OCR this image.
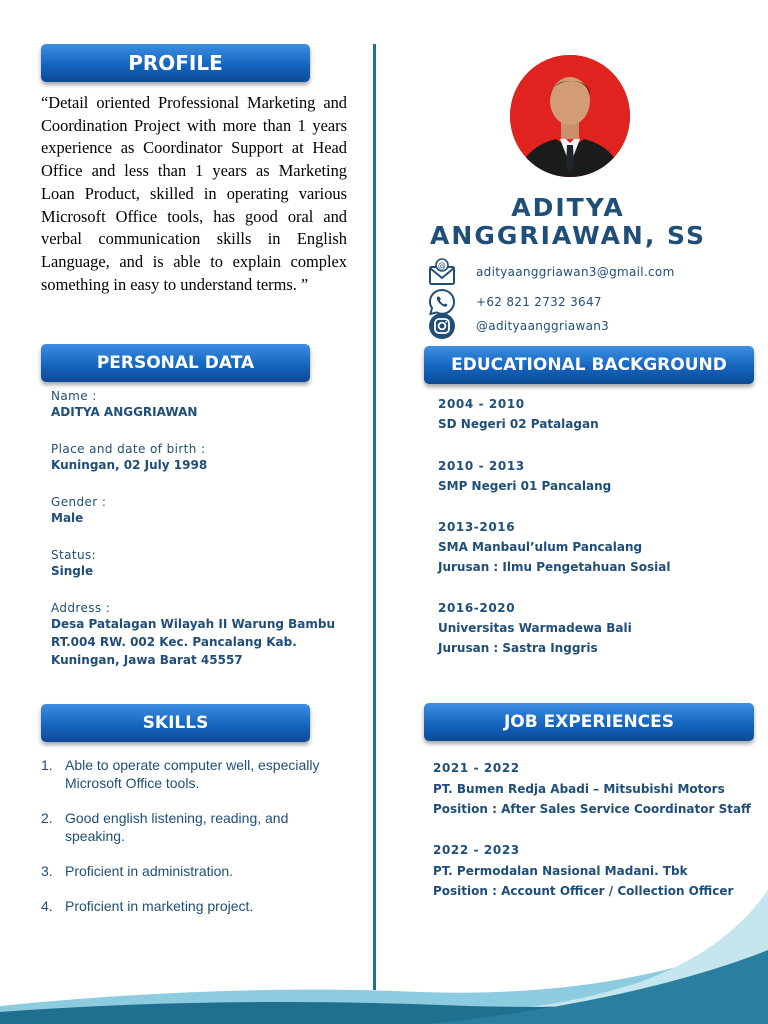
PROFILE
“Detail oriented Professional Marketing and Coordination Project with more than 1 years experience as Coordinator Support at Head Office and less than 1 years as Marketing Loan Product, skilled in operating various Microsoft Office tools, has good oral and verbal communication skills in English Language, and is able to explain complex something in easy to understand terms. ”
PERSONAL DATA
Name :
ADITYA ANGGRIAWAN
Place and date of birth :
Kuningan, 02 July 1998
Gender :
Male
Status:
Single
Address :
Desa Patalagan Wilayah II Warung Bambu
RT.004 RW. 002 Kec. Pancalang Kab.
Kuningan, Jawa Barat 45557
SKILLS
1. Able to operate computer well, especially
Microsoft Office tools.
2. Good english listening, reading, and
speaking.
3. Proficient in administration.
4. Proficient in marketing project.
ADITYA
ANGGRIAWAN, SS
@ adityaanggriawan3@gmail.com
+62 821 2732 3647
@adityaanggriawan3
EDUCATIONAL BACKGROUND
2004 - 2010
SD Negeri 02 Patalagan
2010 - 2013
SMP Negeri 01 Pancalang
2013-2016
SMA Manbaul’ulum Pancalang
Jurusan : Ilmu Pengetahuan Sosial
2016-2020
Universitas Warmadewa Bali
Jurusan : Sastra Inggris
JOB EXPERIENCES
2021 - 2022
PT. Bumen Redja Abadi – Mitsubishi Motors
Position : After Sales Service Coordinator Staff
2022 - 2023
PT. Permodalan Nasional Madani. Tbk
Position : Account Officer / Collection Officer
